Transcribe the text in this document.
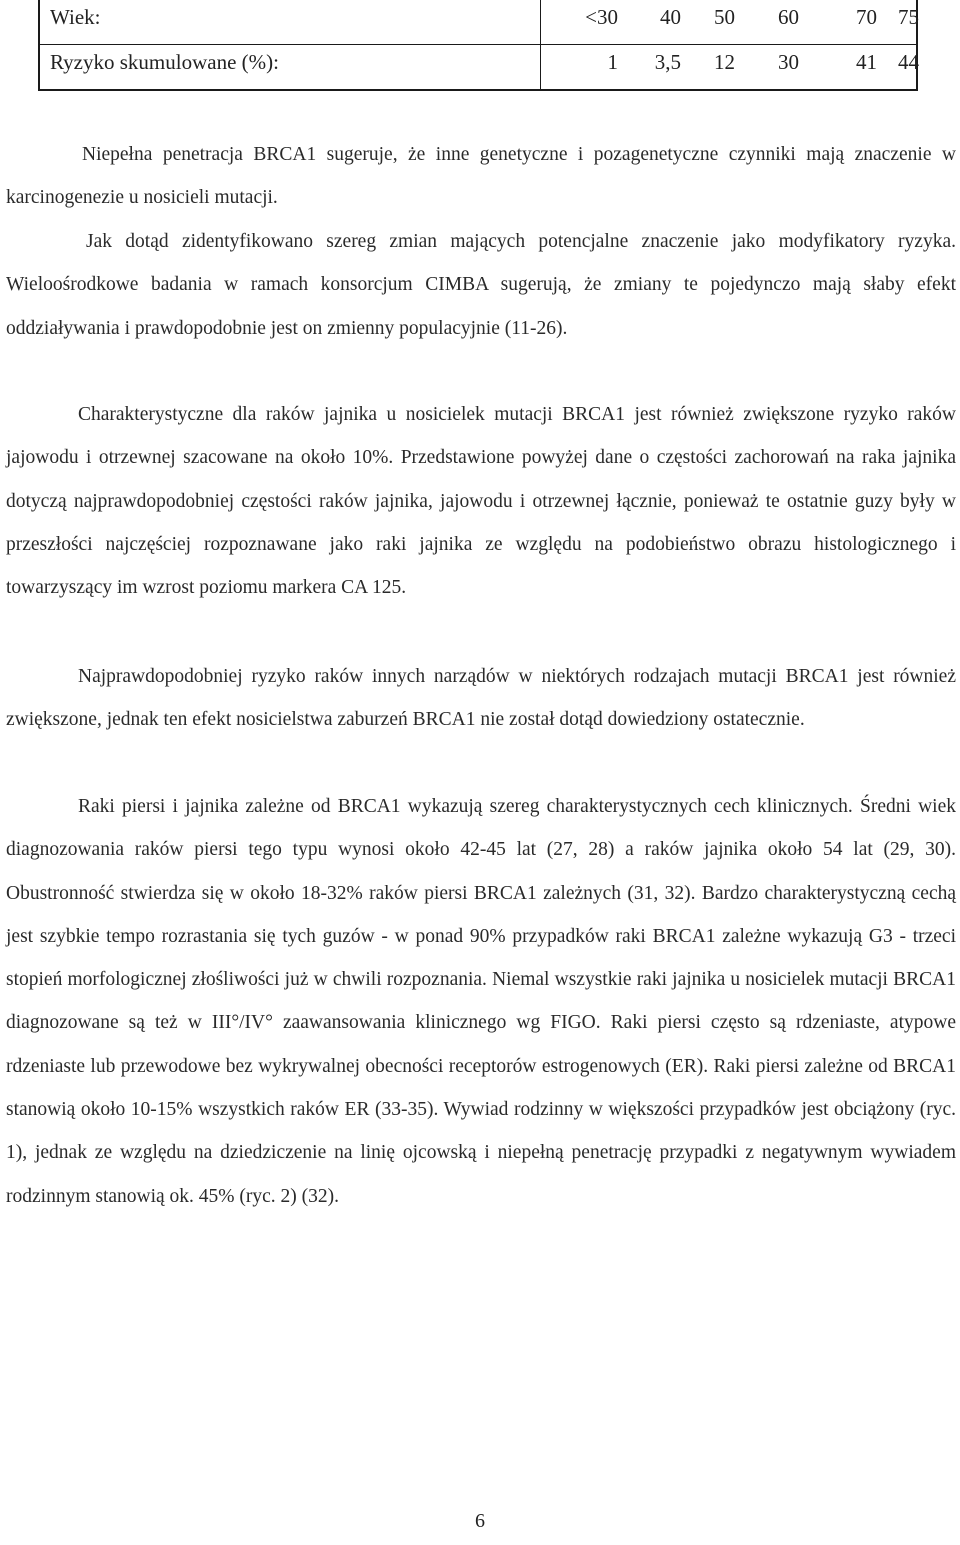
Wiek:	<30	40	50	60	70 75
Ryzyko skumulowane (%):	1	3,5	12	30	41 44

Niepełna penetracja BRCA1 sugeruje, że inne genetyczne i pozagenetyczne czynniki mają znaczenie w karcinogenezie u nosicieli mutacji.

Jak dotąd zidentyfikowano szereg zmian mających potencjalne znaczenie jako modyfikatory ryzyka. Wieloośrodkowe badania w ramach konsorcjum CIMBA sugerują, że zmiany te pojedynczo mają słaby efekt oddziaływania i prawdopodobnie jest on zmienny populacyjnie (11-26).

Charakterystyczne dla raków jajnika u nosicielek mutacji BRCA1 jest również zwiększone ryzyko raków jajowodu i otrzewnej szacowane na około 10%. Przedstawione powyżej dane o częstości zachorowań na raka jajnika dotyczą najprawdopodobniej częstości raków jajnika, jajowodu i otrzewnej łącznie, ponieważ te ostatnie guzy były w przeszłości najczęściej rozpoznawane jako raki jajnika ze względu na podobieństwo obrazu histologicznego i towarzyszący im wzrost poziomu markera CA 125.

Najprawdopodobniej ryzyko raków innych narządów w niektórych rodzajach mutacji BRCA1 jest również zwiększone, jednak ten efekt nosicielstwa zaburzeń BRCA1 nie został dotąd dowiedziony ostatecznie.

Raki piersi i jajnika zależne od BRCA1 wykazują szereg charakterystycznych cech klinicznych. Średni wiek diagnozowania raków piersi tego typu wynosi około 42-45 lat (27, 28) a raków jajnika około 54 lat (29, 30). Obustronność stwierdza się w około 18-32% raków piersi BRCA1 zależnych (31, 32). Bardzo charakterystyczną cechą jest szybkie tempo rozrastania się tych guzów - w ponad 90% przypadków raki BRCA1 zależne wykazują G3 - trzeci stopień morfologicznej złośliwości już w chwili rozpoznania. Niemal wszystkie raki jajnika u nosicielek mutacji BRCA1 diagnozowane są też w III°/IV° zaawansowania klinicznego wg FIGO. Raki piersi często są rdzeniaste, atypowe rdzeniaste lub przewodowe bez wykrywalnej obecności receptorów estrogenowych (ER). Raki piersi zależne od BRCA1 stanowią około 10-15% wszystkich raków ER (33-35). Wywiad rodzinny w większości przypadków jest obciążony (ryc. 1), jednak ze względu na dziedziczenie na linię ojcowską i niepełną penetrację przypadki z negatywnym wywiadem rodzinnym stanowią ok. 45% (ryc. 2) (32).

6
